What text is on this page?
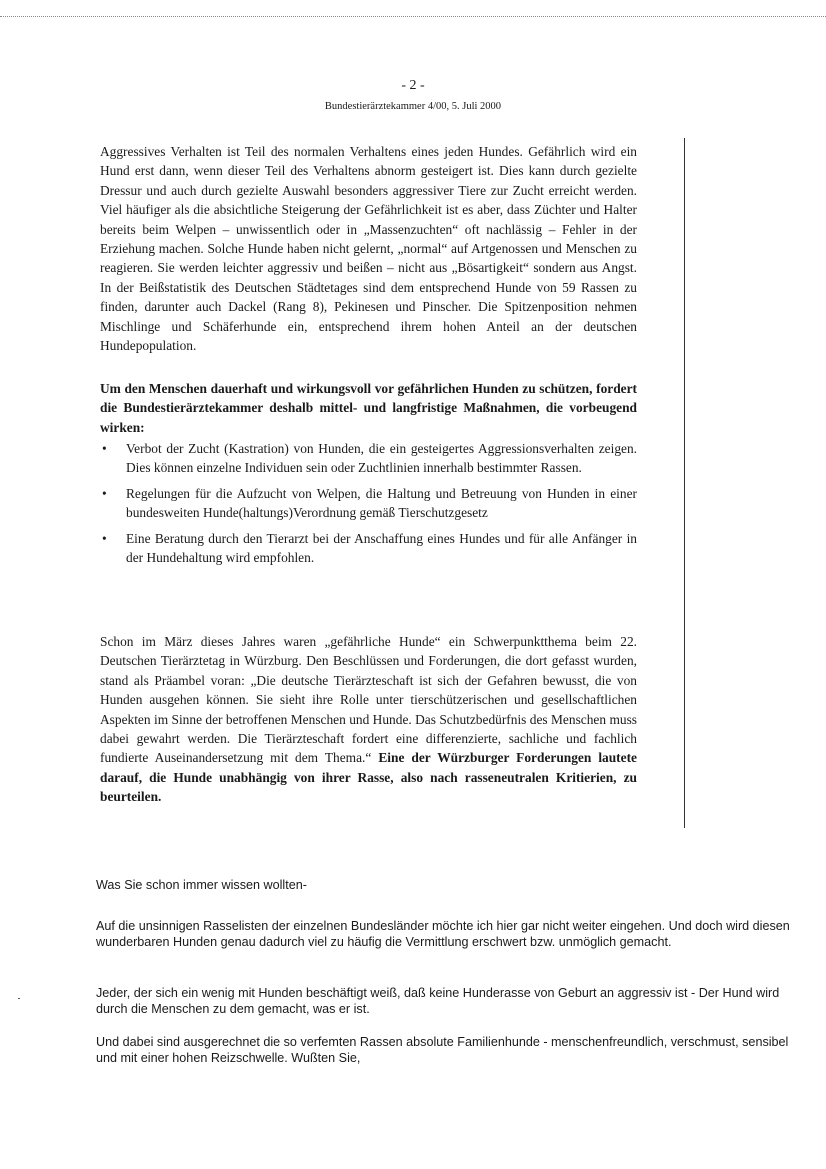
- 2 -
Bundestierärztekammer 4/00, 5. Juli 2000

Aggressives Verhalten ist Teil des normalen Verhaltens eines jeden Hundes. Gefährlich wird ein Hund erst dann, wenn dieser Teil des Verhaltens abnorm gesteigert ist. Dies kann durch gezielte Dressur und auch durch gezielte Auswahl besonders aggressiver Tiere zur Zucht erreicht werden. Viel häufiger als die absichtliche Steigerung der Gefährlichkeit ist es aber, dass Züchter und Halter bereits beim Welpen – unwissentlich oder in „Massenzuchten“ oft nachlässig – Fehler in der Erziehung machen. Solche Hunde haben nicht gelernt, „normal“ auf Artgenossen und Menschen zu reagieren. Sie werden leichter aggressiv und beißen – nicht aus „Bösartigkeit“ sondern aus Angst. In der Beißstatistik des Deutschen Städtetages sind dem entsprechend Hunde von 59 Rassen zu finden, darunter auch Dackel (Rang 8), Pekinesen und Pinscher. Die Spitzenposition nehmen Mischlinge und Schäferhunde ein, entsprechend ihrem hohen Anteil an der deutschen Hundepopulation.

Um den Menschen dauerhaft und wirkungsvoll vor gefährlichen Hunden zu schützen, fordert die Bundestierärztekammer deshalb mittel- und langfristige Maßnahmen, die vorbeugend wirken:

• Verbot der Zucht (Kastration) von Hunden, die ein gesteigertes Aggressionsverhalten zeigen. Dies können einzelne Individuen sein oder Zuchtlinien innerhalb bestimmter Rassen.
• Regelungen für die Aufzucht von Welpen, die Haltung und Betreuung von Hunden in einer bundesweiten Hunde(haltungs)Verordnung gemäß Tierschutzgesetz
• Eine Beratung durch den Tierarzt bei der Anschaffung eines Hundes und für alle Anfänger in der Hundehaltung wird empfohlen.

Schon im März dieses Jahres waren „gefährliche Hunde“ ein Schwerpunktthema beim 22. Deutschen Tierärztetag in Würzburg. Den Beschlüssen und Forderungen, die dort gefasst wurden, stand als Präambel voran: „Die deutsche Tierärzteschaft ist sich der Gefahren bewusst, die von Hunden ausgehen können. Sie sieht ihre Rolle unter tierschützerischen und gesellschaftlichen Aspekten im Sinne der betroffenen Menschen und Hunde. Das Schutzbedürfnis des Menschen muss dabei gewahrt werden. Die Tierärzteschaft fordert eine differenzierte, sachliche und fachlich fundierte Auseinandersetzung mit dem Thema.“ Eine der Würzburger Forderungen lautete darauf, die Hunde unabhängig von ihrer Rasse, also nach rasseneutralen Kritierien, zu beurteilen.

Was Sie schon immer wissen wollten-

Auf die unsinnigen Rasselisten der einzelnen Bundesländer möchte ich hier gar nicht weiter eingehen. Und doch wird diesen wunderbaren Hunden genau dadurch viel zu häufig die Vermittlung erschwert bzw. unmöglich gemacht.

Jeder, der sich ein wenig mit Hunden beschäftigt weiß, daß keine Hunderasse von Geburt an aggressiv ist - Der Hund wird durch die Menschen zu dem gemacht, was er ist.

Und dabei sind ausgerechnet die so verfemten Rassen absolute Familienhunde - menschenfreundlich, verschmust, sensibel und mit einer hohen Reizschwelle. Wußten Sie,
